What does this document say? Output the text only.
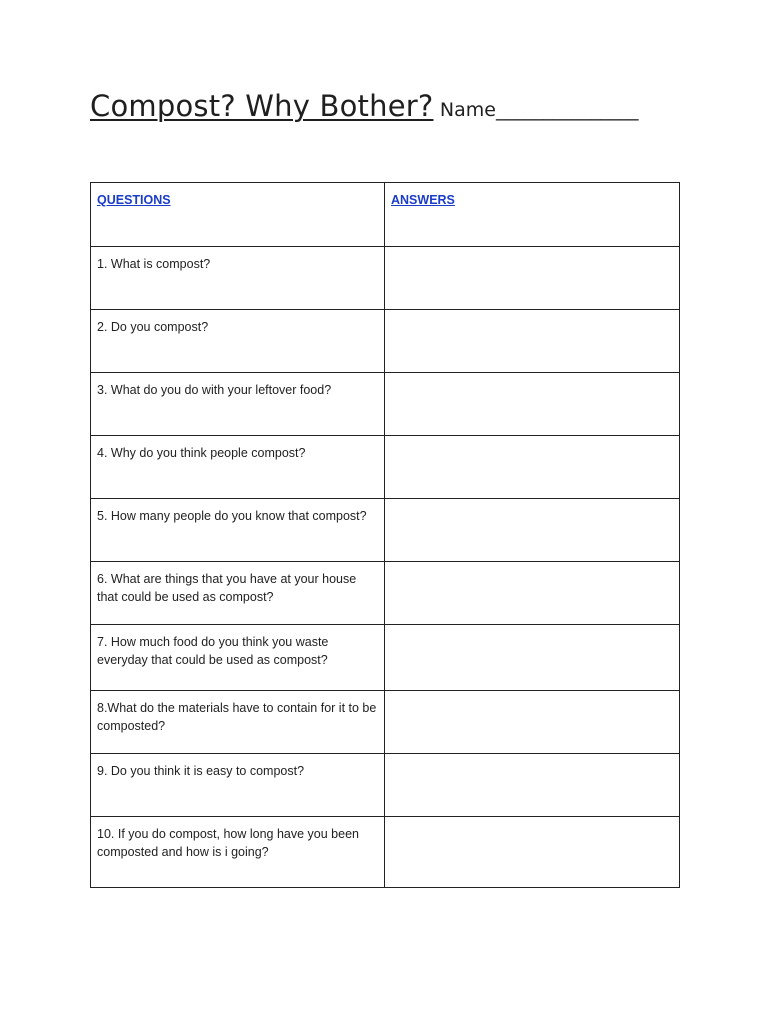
Compost? Why Bother? Name_______________
QUESTIONS	ANSWERS
1. What is compost?	
2. Do you compost?	
3. What do you do with your leftover food?	
4. Why do you think people compost?	
5. How many people do you know that compost?	
6. What are things that you have at your house that could be used as compost?	
7. How much food do you think you waste everyday that could be used as compost?	
8.What do the materials have to contain for it to be composted?	
9. Do you think it is easy to compost?	
10. If you do compost, how long have you been composted and how is i going?	
